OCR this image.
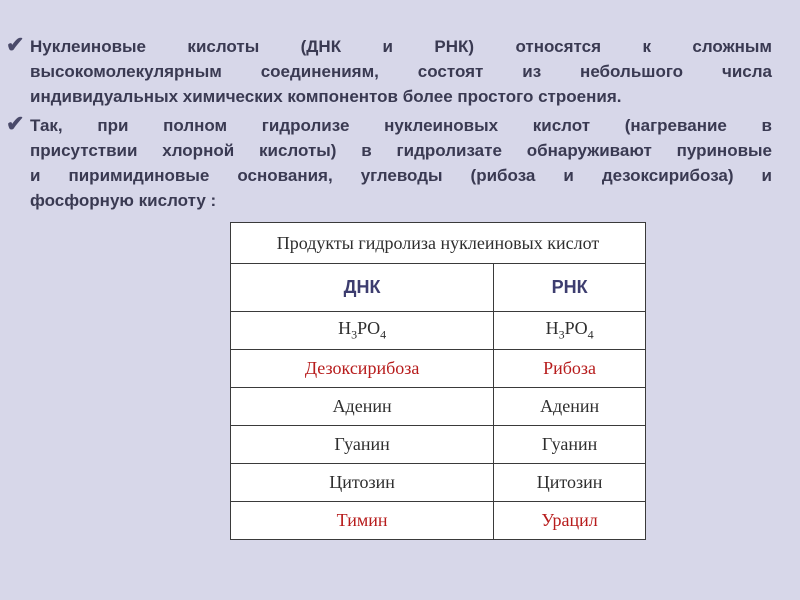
✔ Нуклеиновые кислоты (ДНК и РНК) относятся к сложным
высокомолекулярным соединениям, состоят из небольшого числа
индивидуальных химических компонентов более простого строения.
✔ Так, при полном гидролизе нуклеиновых кислот (нагревание в
присутствии хлорной кислоты) в гидролизате обнаруживают пуриновые
и пиримидиновые основания, углеводы (рибоза и дезоксирибоза) и
фосфорную кислоту :
Продукты гидролиза нуклеиновых кислот	
ДНК	РНК
$H_3PO_4$	$H_3PO_4$
Дезоксирибоза	Рибоза
Аденин	Аденин
Гуанин	Гуанин
Цитозин	Цитозин
Тимин	Урацил
